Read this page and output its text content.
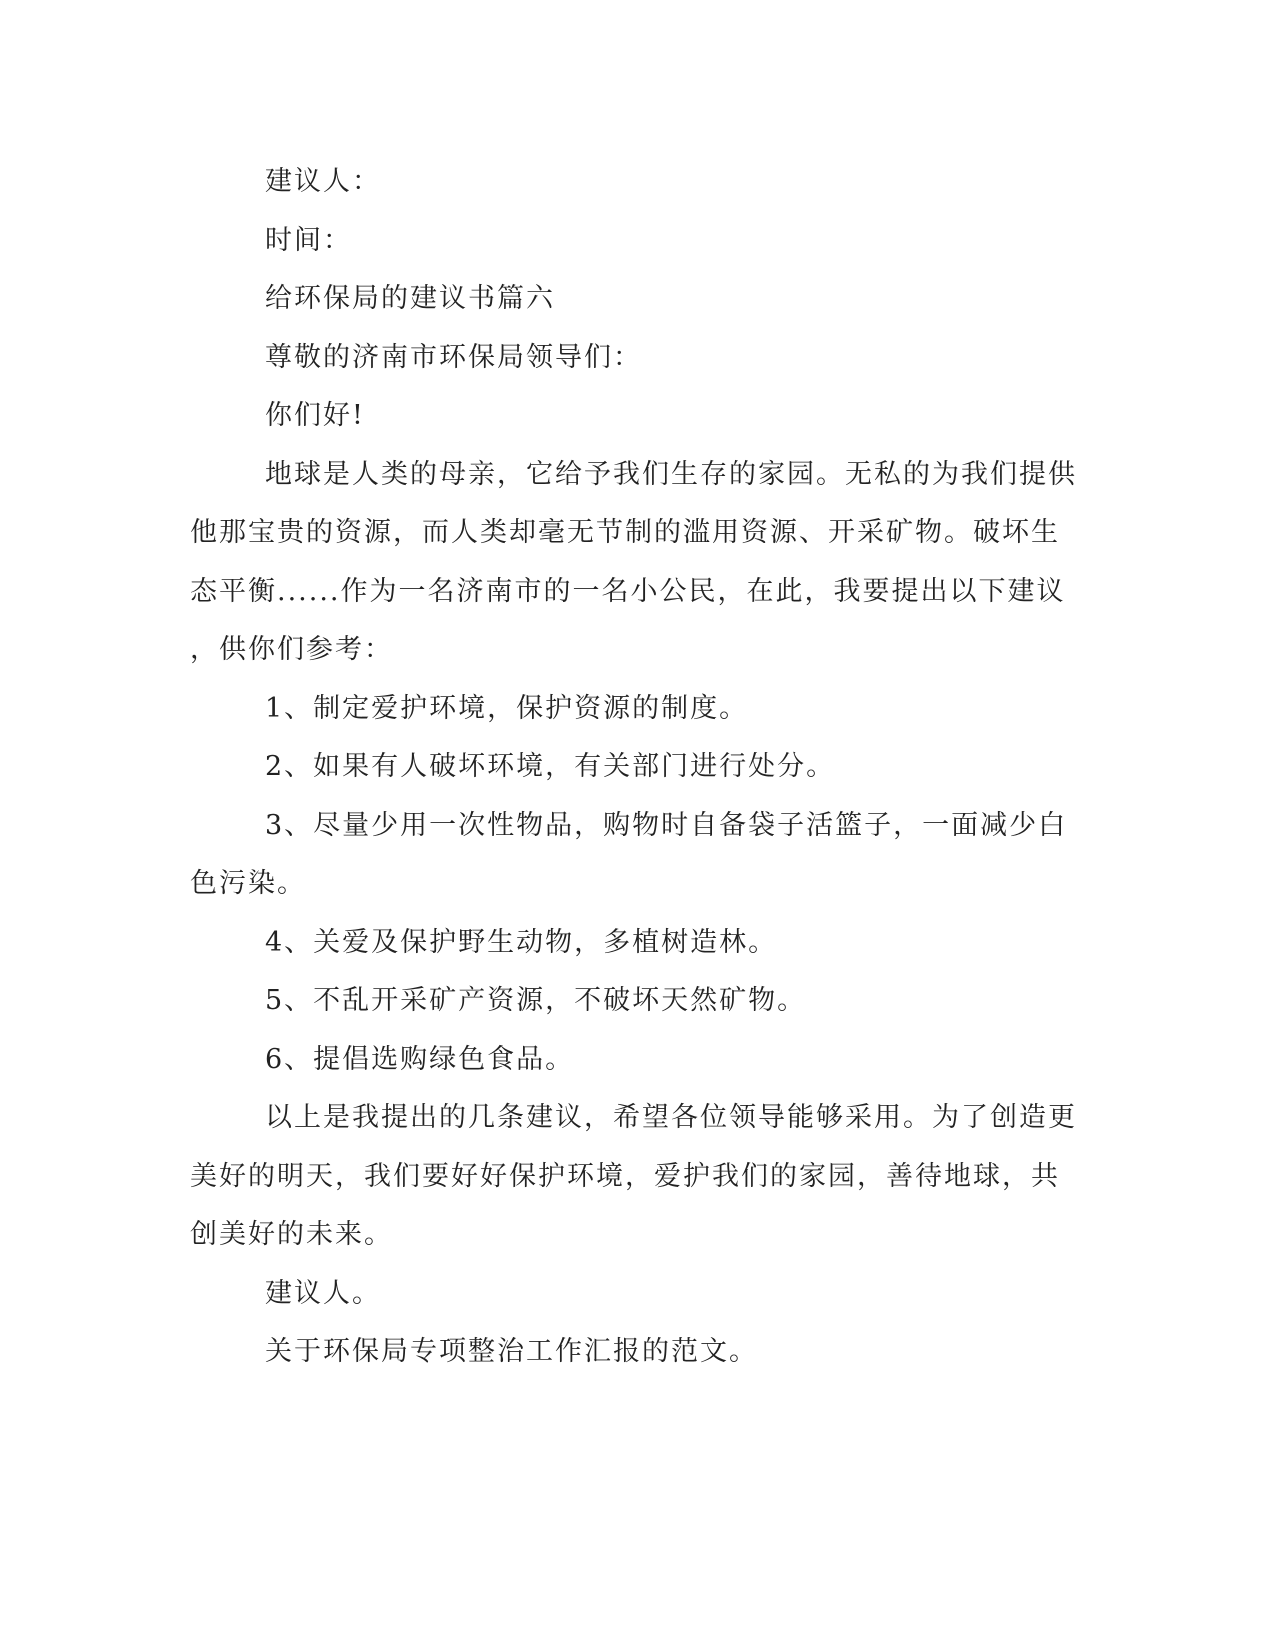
建议人：
时间：
给环保局的建议书篇六
尊敬的济南市环保局领导们：
你们好!
地球是人类的母亲，它给予我们生存的家园。无私的为我们提供
他那宝贵的资源，而人类却毫无节制的滥用资源、开采矿物。破坏生
态平衡......作为一名济南市的一名小公民，在此，我要提出以下建议
，供你们参考：
1、制定爱护环境，保护资源的制度。
2、如果有人破坏环境，有关部门进行处分。
3、尽量少用一次性物品，购物时自备袋子活篮子，一面减少白
色污染。
4、关爱及保护野生动物，多植树造林。
5、不乱开采矿产资源，不破坏天然矿物。
6、提倡选购绿色食品。
以上是我提出的几条建议，希望各位领导能够采用。为了创造更
美好的明天，我们要好好保护环境，爱护我们的家园，善待地球，共
创美好的未来。
建议人。
关于环保局专项整治工作汇报的范文。
